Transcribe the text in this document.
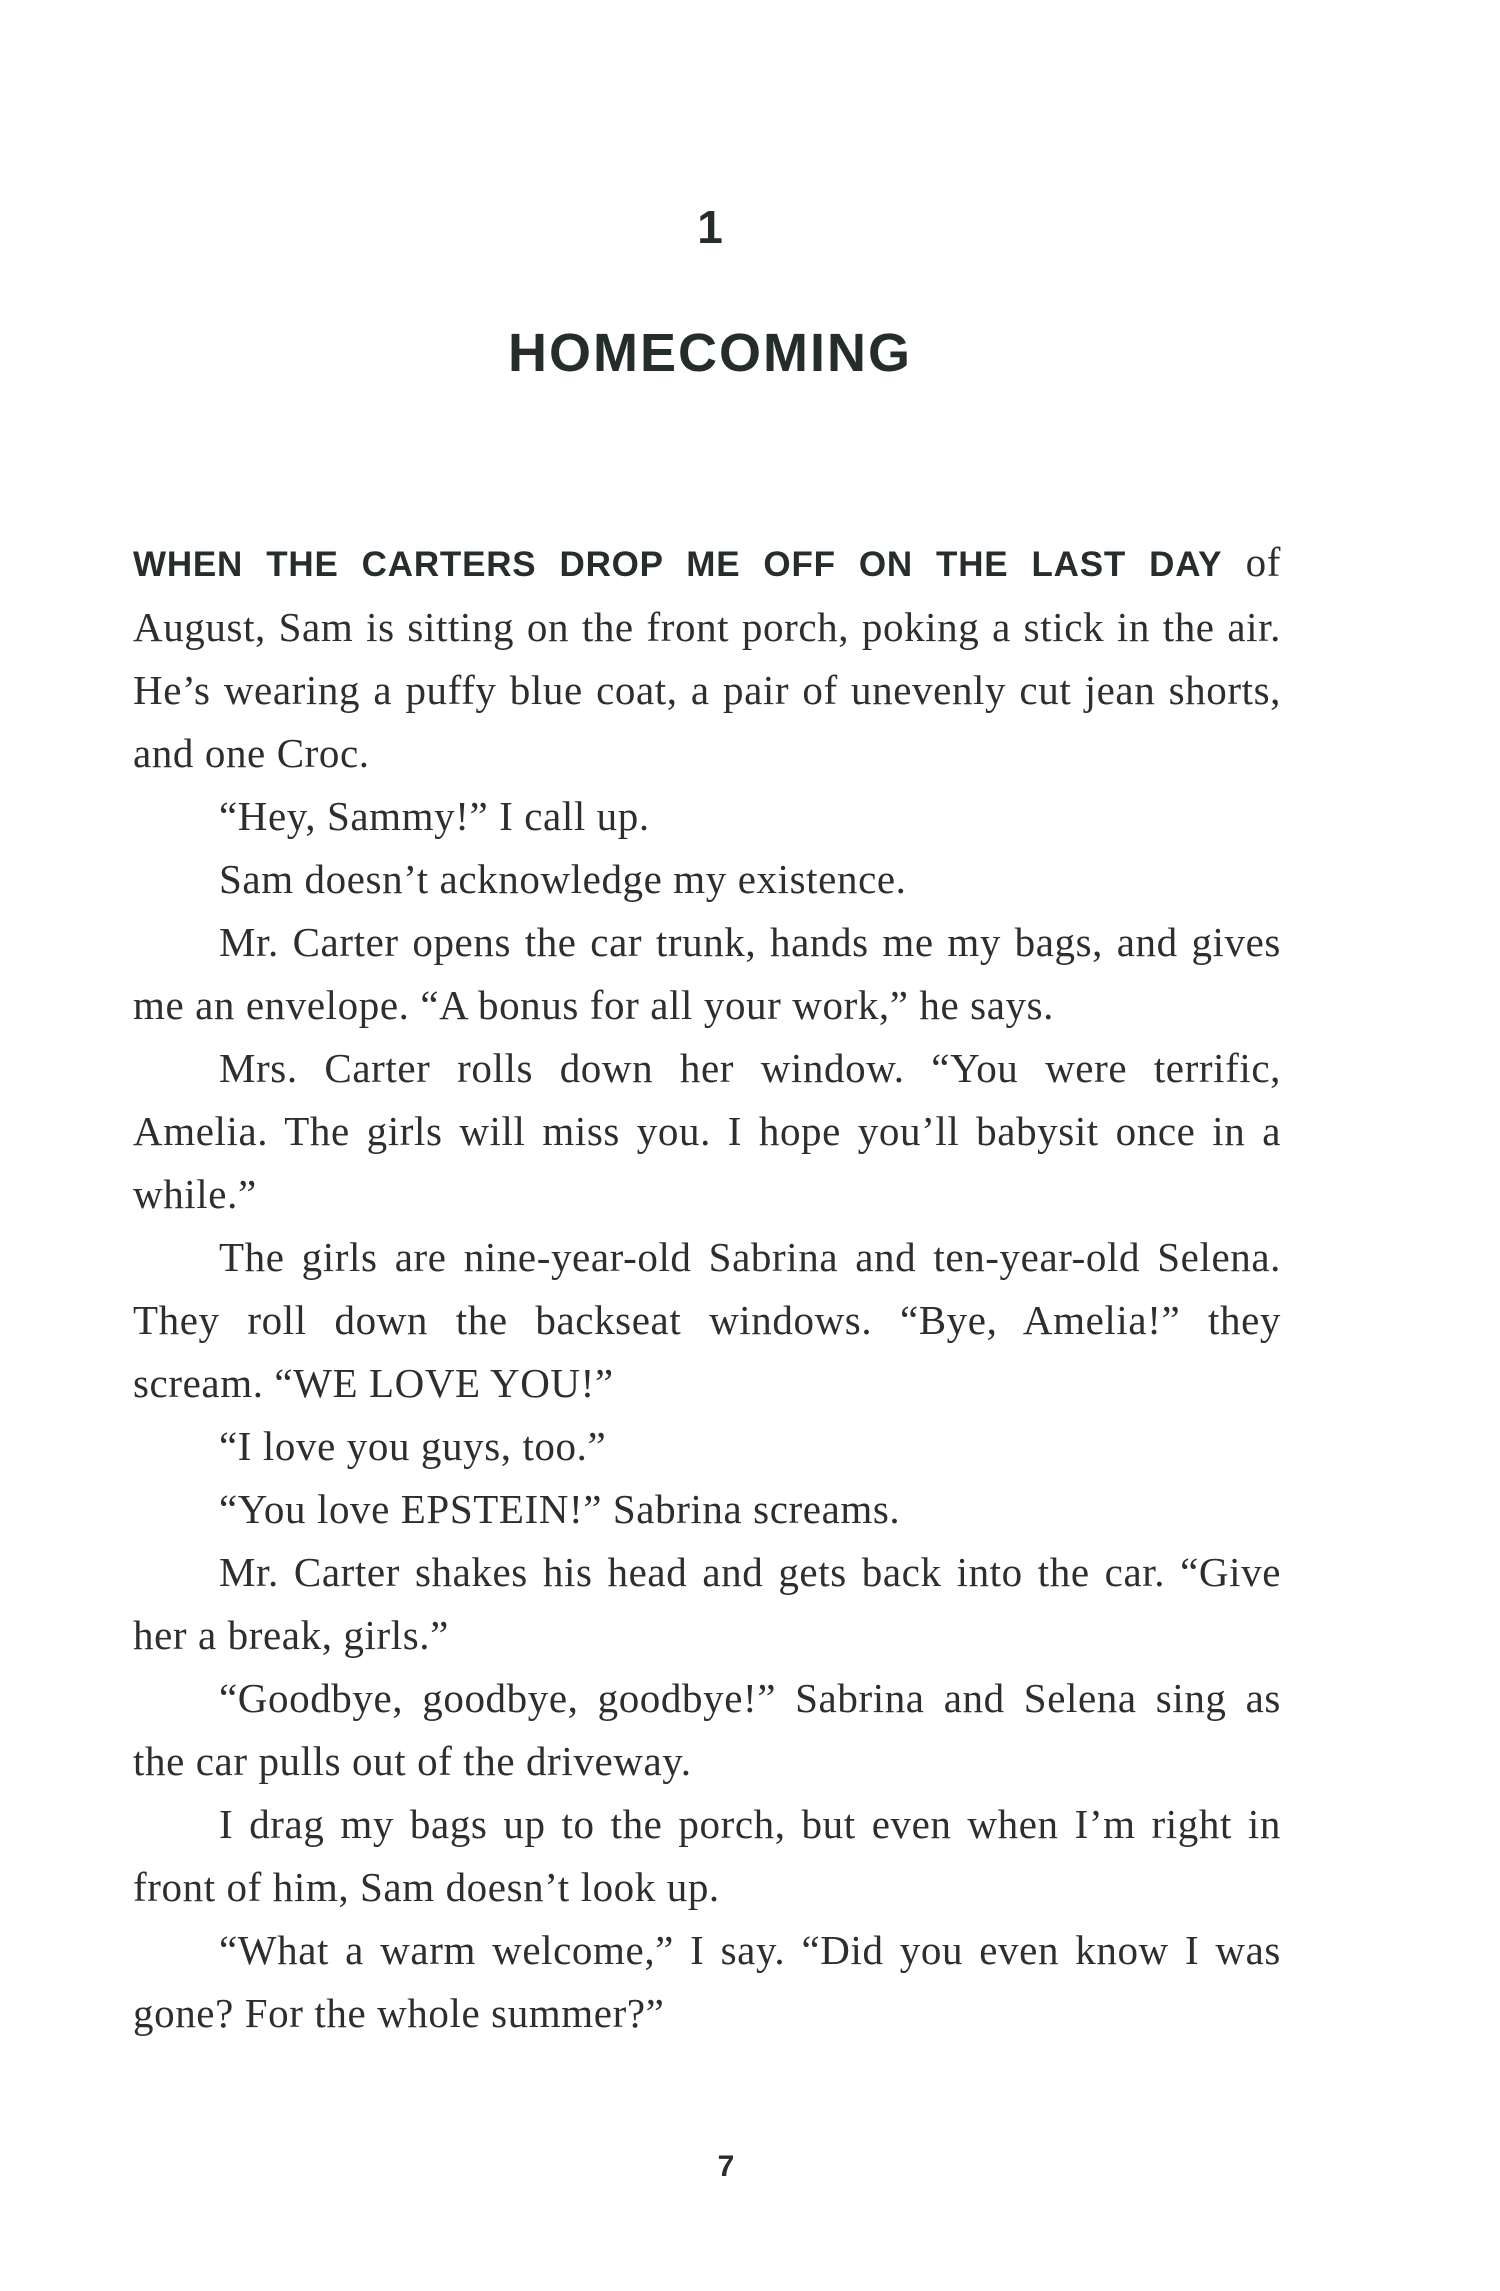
1
HOMECOMING

WHEN THE CARTERS DROP ME OFF ON THE LAST DAY of August, Sam is sitting on the front porch, poking a stick in the air. He’s wearing a puffy blue coat, a pair of unevenly cut jean shorts, and one Croc.

“Hey, Sammy!” I call up.

Sam doesn’t acknowledge my existence.

Mr. Carter opens the car trunk, hands me my bags, and gives me an envelope. “A bonus for all your work,” he says.

Mrs. Carter rolls down her window. “You were terrific, Amelia. The girls will miss you. I hope you’ll babysit once in a while.”

The girls are nine-year-old Sabrina and ten-year-old Selena. They roll down the backseat windows. “Bye, Amelia!” they scream. “WE LOVE YOU!”

“I love you guys, too.”

“You love EPSTEIN!” Sabrina screams.

Mr. Carter shakes his head and gets back into the car. “Give her a break, girls.”

“Goodbye, goodbye, goodbye!” Sabrina and Selena sing as the car pulls out of the driveway.

I drag my bags up to the porch, but even when I’m right in front of him, Sam doesn’t look up.

“What a warm welcome,” I say. “Did you even know I was gone? For the whole summer?”

7
